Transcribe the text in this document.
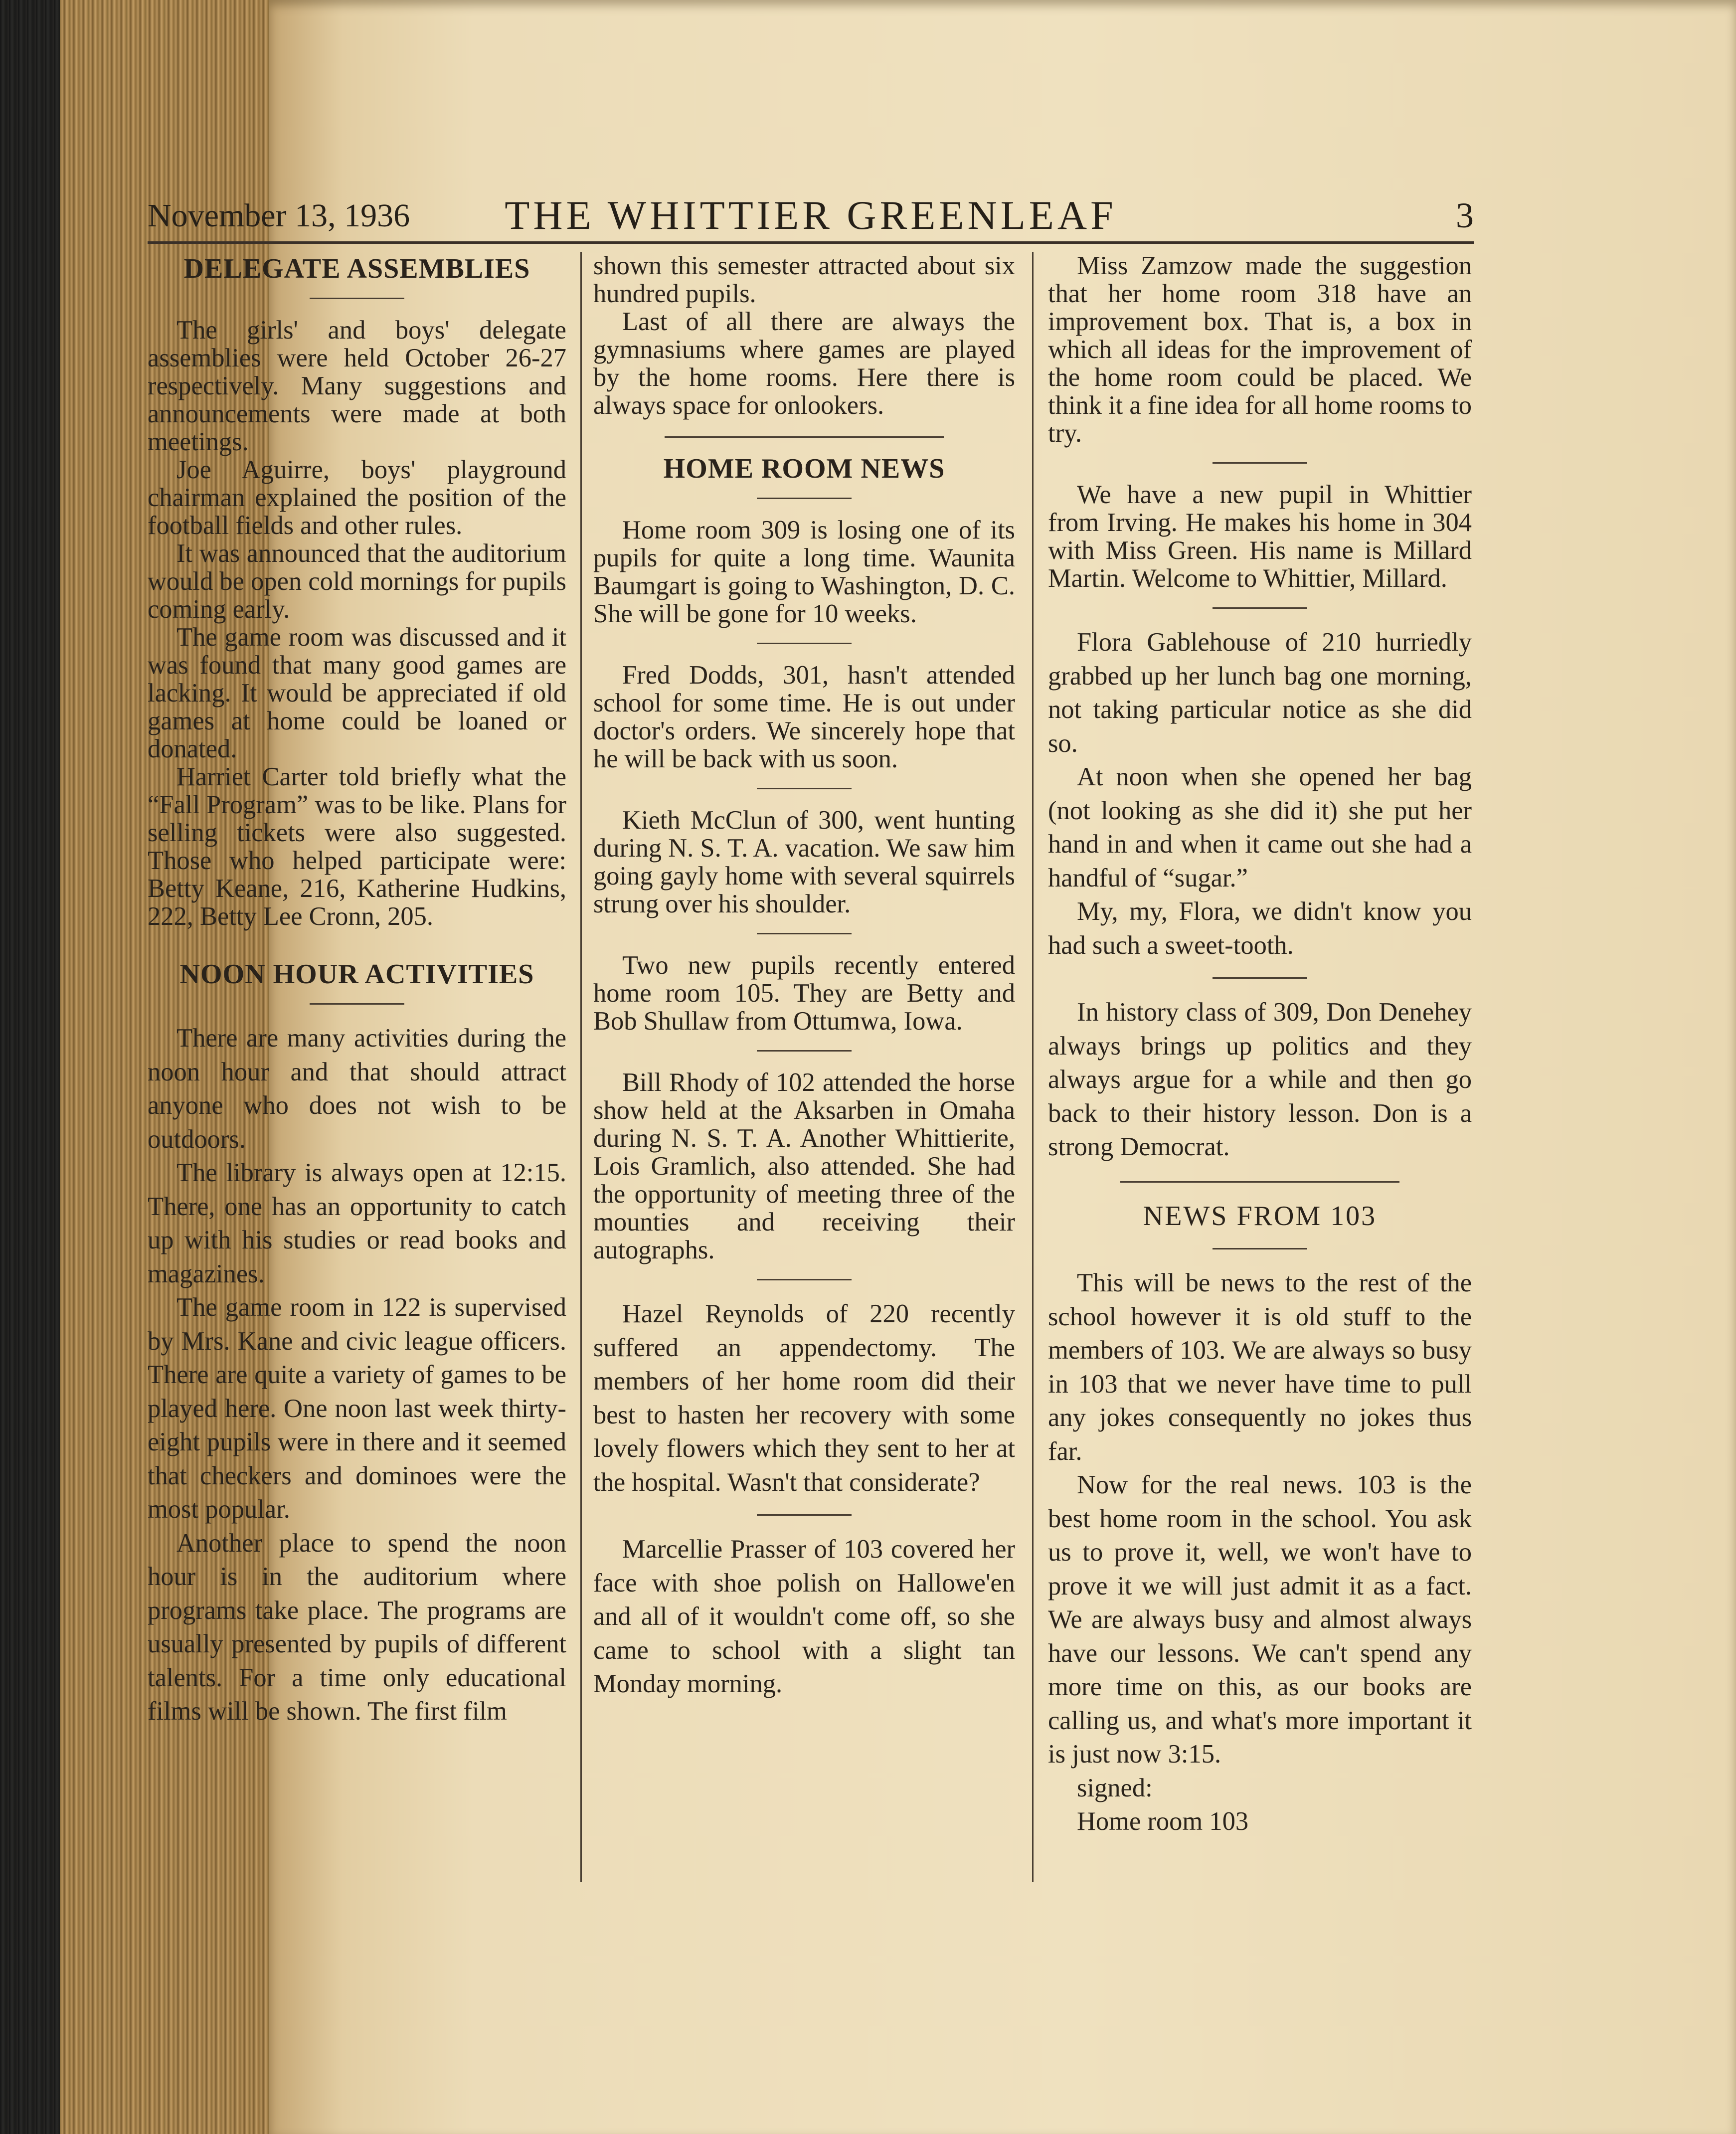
November 13, 1936	THE WHITTIER GREENLEAF	3
DELEGATE ASSEMBLIES

The girls' and boys' delegate assemblies were held October 26-27 respectively. Many suggestions and announcements were made at both meetings.

Joe Aguirre, boys' playground chairman explained the position of the football fields and other rules.

It was announced that the auditorium would be open cold mornings for pupils coming early.

The game room was discussed and it was found that many good games are lacking. It would be appreciated if old games at home could be loaned or donated.

Harriet Carter told briefly what the “Fall Program” was to be like. Plans for selling tickets were also suggested. Those who helped participate were: Betty Keane, 216, Katherine Hudkins, 222, Betty Lee Cronn, 205.

NOON HOUR ACTIVITIES

There are many activities during the noon hour and that should attract anyone who does not wish to be outdoors.

The library is always open at 12:15. There, one has an opportunity to catch up with his studies or read books and magazines.

The game room in 122 is supervised by Mrs. Kane and civic league officers. There are quite a variety of games to be played here. One noon last week thirty-eight pupils were in there and it seemed that checkers and dominoes were the most popular.

Another place to spend the noon hour is in the auditorium where programs take place. The programs are usually presented by pupils of different talents. For a time only educational films will be shown. The first film

shown this semester attracted about six hundred pupils.

Last of all there are always the gymnasiums where games are played by the home rooms. Here there is always space for onlookers.

HOME ROOM NEWS

Home room 309 is losing one of its pupils for quite a long time. Waunita Baumgart is going to Washington, D. C. She will be gone for 10 weeks.

Fred Dodds, 301, hasn't attended school for some time. He is out under doctor's orders. We sincerely hope that he will be back with us soon.

Kieth McClun of 300, went hunting during N. S. T. A. vacation. We saw him going gayly home with several squirrels strung over his shoulder.

Two new pupils recently entered home room 105. They are Betty and Bob Shullaw from Ottumwa, Iowa.

Bill Rhody of 102 attended the horse show held at the Aksarben in Omaha during N. S. T. A. Another Whittierite, Lois Gramlich, also attended. She had the opportunity of meeting three of the mounties and receiving their autographs.

Hazel Reynolds of 220 recently suffered an appendectomy. The members of her home room did their best to hasten her recovery with some lovely flowers which they sent to her at the hospital. Wasn't that considerate?

Marcellie Prasser of 103 covered her face with shoe polish on Hallowe'en and all of it wouldn't come off, so she came to school with a slight tan Monday morning.

Miss Zamzow made the suggestion that her home room 318 have an improvement box. That is, a box in which all ideas for the improvement of the home room could be placed. We think it a fine idea for all home rooms to try.

We have a new pupil in Whittier from Irving. He makes his home in 304 with Miss Green. His name is Millard Martin. Welcome to Whittier, Millard.

Flora Gablehouse of 210 hurriedly grabbed up her lunch bag one morning, not taking particular notice as she did so.

At noon when she opened her bag (not looking as she did it) she put her hand in and when it came out she had a handful of “sugar.”

My, my, Flora, we didn't know you had such a sweet-tooth.

In history class of 309, Don Denehey always brings up politics and they always argue for a while and then go back to their history lesson. Don is a strong Democrat.

NEWS FROM 103

This will be news to the rest of the school however it is old stuff to the members of 103. We are always so busy in 103 that we never have time to pull any jokes consequently no jokes thus far.

Now for the real news. 103 is the best home room in the school. You ask us to prove it, well, we won't have to prove it we will just admit it as a fact. We are always busy and almost always have our lessons. We can't spend any more time on this, as our books are calling us, and what's more important it is just now 3:15.

signed:

Home room 103
